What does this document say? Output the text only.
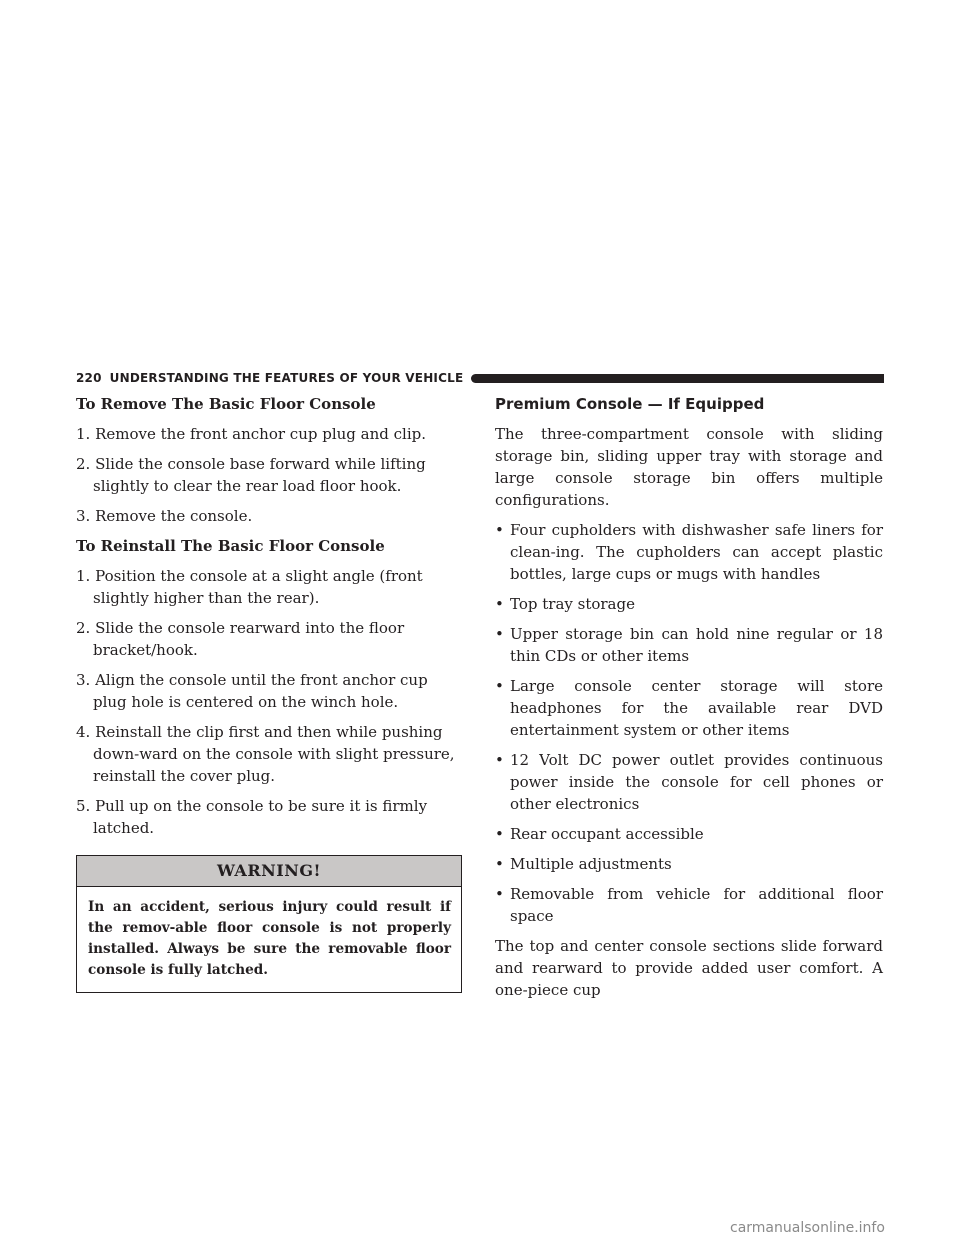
220 UNDERSTANDING THE FEATURES OF YOUR VEHICLE

To Remove The Basic Floor Console

1. Remove the front anchor cup plug and clip.

2. Slide the console base forward while lifting slightly to clear the rear load floor hook.

3. Remove the console.

To Reinstall The Basic Floor Console

1. Position the console at a slight angle (front slightly higher than the rear).

2. Slide the console rearward into the floor bracket/hook.

3. Align the console until the front anchor cup plug hole is centered on the winch hole.

4. Reinstall the clip first and then while pushing down-ward on the console with slight pressure, reinstall the cover plug.

5. Pull up on the console to be sure it is firmly latched.

WARNING!
In an accident, serious injury could result if the remov-able floor console is not properly installed. Always be sure the removable floor console is fully latched.

Premium Console — If Equipped

The three-compartment console with sliding storage bin, sliding upper tray with storage and large console storage bin offers multiple configurations.

• Four cupholders with dishwasher safe liners for clean-ing. The cupholders can accept plastic bottles, large cups or mugs with handles
• Top tray storage
• Upper storage bin can hold nine regular or 18 thin CDs or other items
• Large console center storage will store headphones for the available rear DVD entertainment system or other items
• 12 Volt DC power outlet provides continuous power inside the console for cell phones or other electronics
• Rear occupant accessible
• Multiple adjustments
• Removable from vehicle for additional floor space

The top and center console sections slide forward and rearward to provide added user comfort. A one-piece cup

carmanualsonline.info
